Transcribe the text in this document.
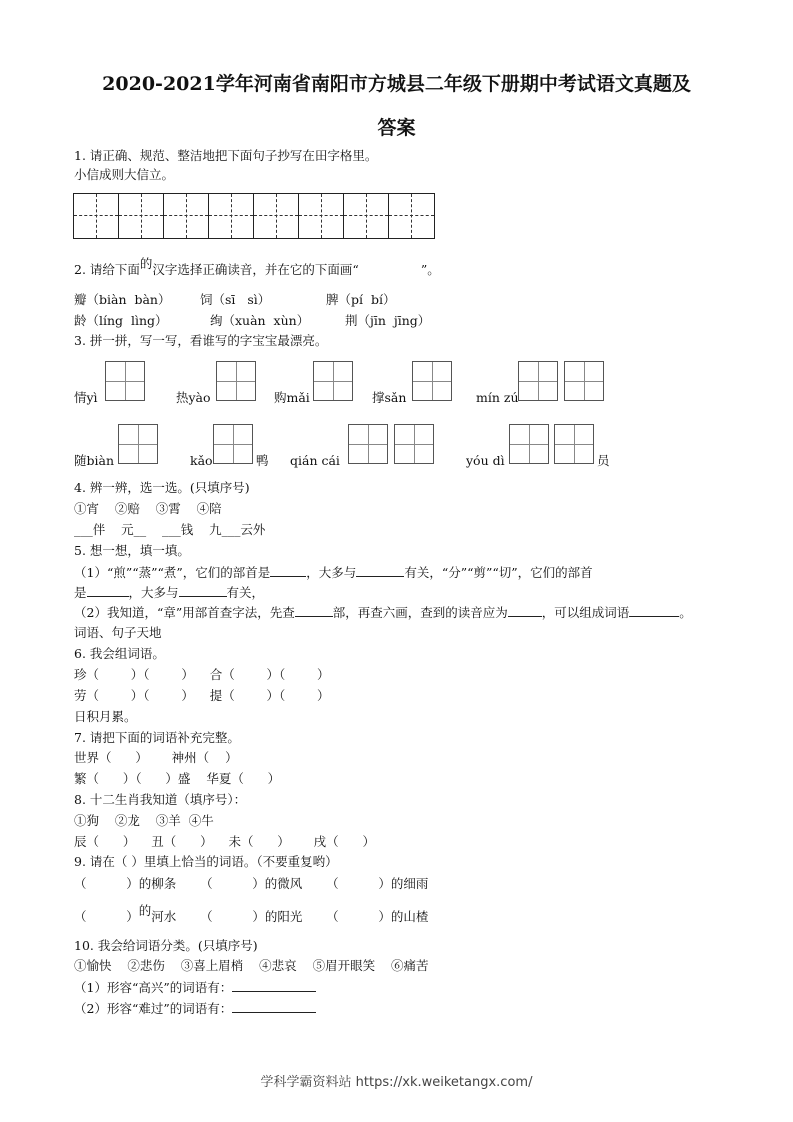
2020-2021学年河南省南阳市方城县二年级下册期中考试语文真题及
答案
1. 请正确、规范、整洁地把下面句子抄写在田字格里。
小信成则大信立。
2. 请给下面的汉字选择正确读音，并在它的下面画“	”。
瓣（biàn  bàn） 饲（sī   sì）	脾（pí  bí）
龄（líng  lìng）	绚（xuàn  xùn）	荆（jīn  jīng）
3. 拼一拼，写一写，看谁写的字宝宝最漂亮。
情yì	热yào	购mǎi	撑sǎn	mín zú
随biàn	kǎo	鸭 qián cái	yóu dì	员
4. 辨一辨，选一选。(只填序号)
①宵    ②赔    ③霄    ④陪
___伴    元__    ___钱    九___云外
5. 想一想，填一填。
（1）“煎”“蒸”“煮”，它们的部首是	，大多与	有关，“分”“剪”“切”，它们的部首
是	，大多与	有关，
（2）我知道，“章”用部首查字法，先查	部，再查六画，查到的读音应为	，可以组成词语	。
词语、句子天地
6. 我会组词语。
珍（        ）（        ）    合（        ）（        ）
劳（        ）（        ）    提（        ）（        ）
日积月累。
7. 请把下面的词语补充完整。
世界（      ）      神州（    ）
繁（      ）（      ）盛    华夏（      ）
8. 十二生肖我知道（填序号）：
①狗    ②龙    ③羊  ④牛
辰（      ）    丑（      ）    未（      ）      戌（      ）
9. 请在（ ）里填上恰当的词语。（不要重复哟）
（          ）的柳条      （          ）的微风      （          ）的细雨
（          ）的河水      （          ）的阳光      （          ）的山楂
10. 我会给词语分类。(只填序号)
①愉快    ②悲伤    ③喜上眉梢    ④悲哀    ⑤眉开眼笑    ⑥痛苦
（1）形容“高兴”的词语有：
（2）形容“难过”的词语有：
学科学霸资料站 https://xk.weiketangx.com/
